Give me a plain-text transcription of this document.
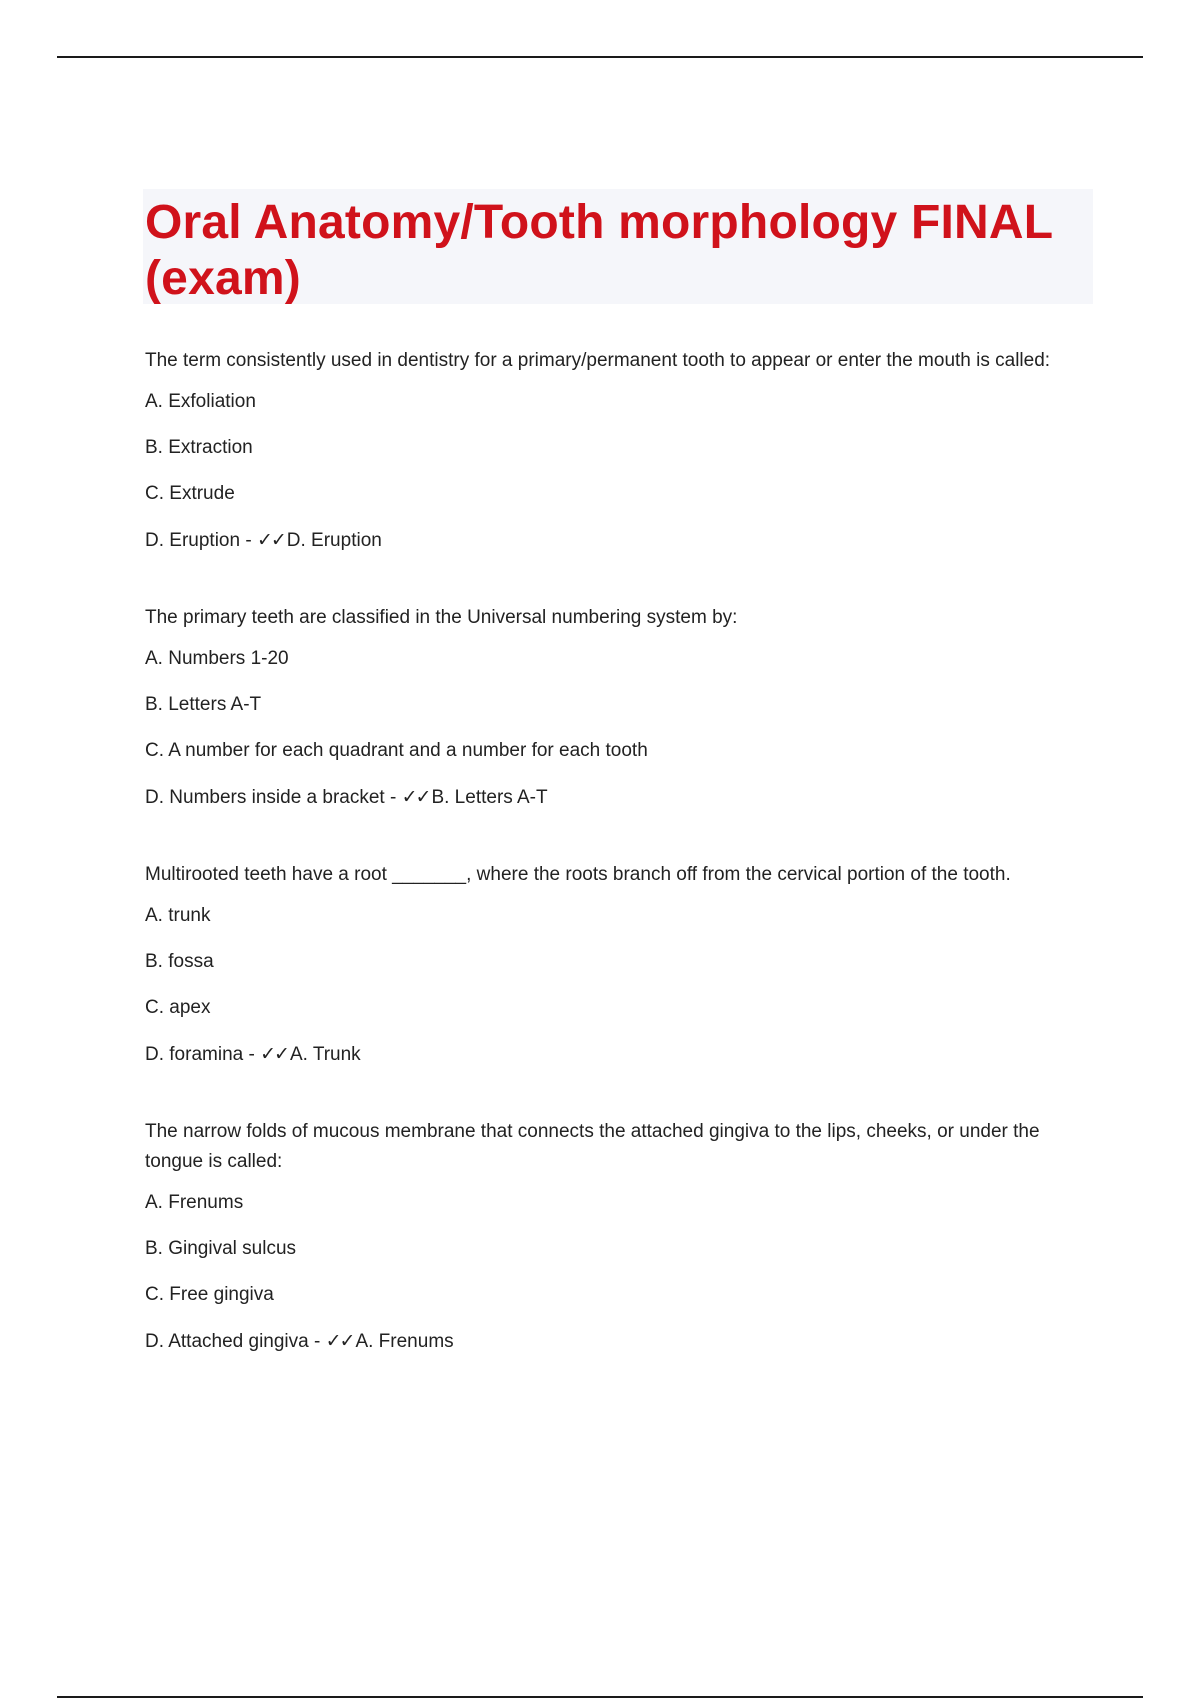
Oral Anatomy/Tooth morphology FINAL (exam)

The term consistently used in dentistry for a primary/permanent tooth to appear or enter the mouth is called:

A. Exfoliation
B. Extraction
C. Extrude
D. Eruption - ✓✓ D. Eruption

The primary teeth are classified in the Universal numbering system by:

A. Numbers 1-20
B. Letters A-T
C. A number for each quadrant and a number for each tooth
D. Numbers inside a bracket - ✓✓ B. Letters A-T

Multirooted teeth have a root _______, where the roots branch off from the cervical portion of the tooth.

A. trunk
B. fossa
C. apex
D. foramina - ✓✓ A. Trunk

The narrow folds of mucous membrane that connects the attached gingiva to the lips, cheeks, or under the tongue is called:

A. Frenums
B. Gingival sulcus
C. Free gingiva
D. Attached gingiva - ✓✓ A. Frenums
